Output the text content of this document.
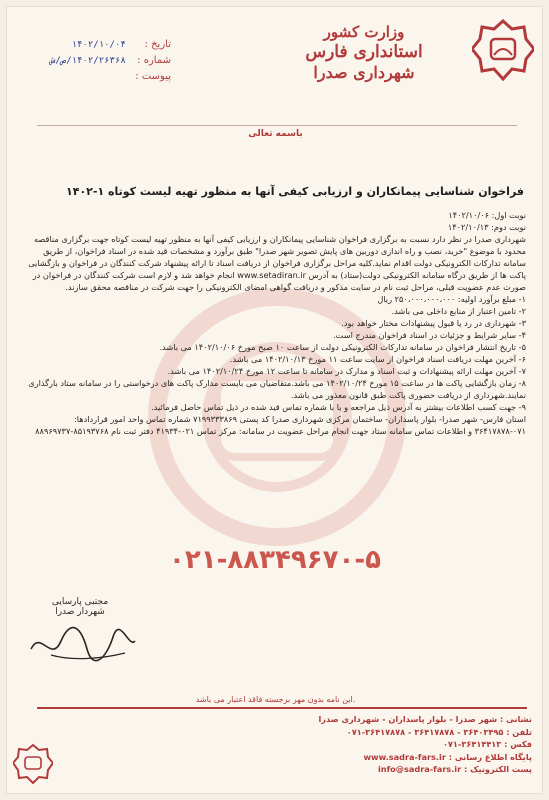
وزارت کشور
استانداری فارس
شهرداری صدرا
تاریخ : ۱۴۰۲/۱۰/۰۴
شماره : ۱۴۰۲/۲۶۳۶۸/ص/ش
پیوست :
باسمه تعالی
فراخوان شناسایی پیمانکاران و ارزیابی کیفی آنها به منظور تهیه لیست کوتاه ۱-۱۴۰۲

نوبت اول: ۱۴۰۲/۱۰/۰۶

نوبت دوم: ۱۴۰۲/۱۰/۱۳

شهرداری صدرا در نظر دارد نسبت به برگزاری فراخوان شناسایی پیمانکاران و ارزیابی کیفی آنها به منظور تهیه لیست کوتاه جهت برگزاری مناقصه محدود با موضوع "خرید، نصب و راه اندازی دوربین های پایش تصویر شهر صدرا" طبق برآورد و مشخصات قید شده در اسناد فراخوان، از طریق سامانه تدارکات الکترونیکی دولت اقدام نماید.کلیه مراحل برگزاری فراخوان از دریافت اسناد تا ارائه پیشنهاد شرکت کنندگان در فراخوان و بازگشایی پاکت ها از طریق درگاه سامانه الکترونیکی دولت(ستاد) به آدرس www.setadiran.ir انجام خواهد شد و لازم است شرکت کنندگان در فراخوان در صورت عدم عضویت قبلی، مراحل ثبت نام در سایت مذکور و دریافت گواهی امضای الکترونیکی را جهت شرکت در مناقصه محقق سازند.

۱- مبلغ برآورد اولیه: ۲۵۰،۰۰۰،۰۰۰،۰۰۰ ریال

۲- تامین اعتبار از منابع داخلی می باشد.

۳- شهرداری در رد یا قبول پیشنهادات مختار خواهد بود.

۴- سایر شرایط و جزئیات در اسناد فراخوان مندرج است.

۵- تاریخ انتشار فراخوان در سامانه تدارکات الکترونیکی دولت از ساعت ۱۰ صبح مورخ ۱۴۰۲/۱۰/۰۶ می باشد.

۶- آخرین مهلت دریافت اسناد فراخوان از سایت ساعت ۱۱ مورخ ۱۴۰۲/۱۰/۱۳ می باشد.

۷- آخرین مهلت ارائه پیشنهادات و ثبت اسناد و مدارک در سامانه تا ساعت ۱۲ مورخ ۱۴۰۲/۱۰/۲۴ می باشد.

۸- زمان بازگشایی پاکت ها در ساعت ۱۵ مورخ ۱۴۰۲/۱۰/۲۴ می باشد.متقاضیان می بایست مدارک پاکت های درخواستی را در سامانه ستاد بارگذاری نمایند.شهرداری از دریافت حضوری پاکت طبق قانون معذور می باشد.

۹- جهت کسب اطلاعات بیشتر به آدرس ذیل مراجعه و یا با شماره تماس قید شده در ذیل تماس حاصل فرمائید.

استان فارس- شهر صدرا- بلوار پاسداران- ساختمان مرکزی شهرداری صدرا کد پستی ۷۱۹۹۳۳۳۸۶۹ شماره تماس واحد امور قراردادها: ۰۷۱-۳۶۴۱۷۸۷۸ و اطلاعات تماس سامانه ستاد جهت انجام مراحل عضویت در سامانه: مرکز تماس ۰۲۱-۴۱۹۳۴ دفتر ثبت نام ۸۵۱۹۳۷۶۸-۸۸۹۶۹۷۳۷

۰۲۱-۸۸۳۴۹۶۷۰-۵
مجتبی پارسایی
شهردار صدرا
این نامه بدون مهر برجسته فاقد اعتبار می باشد.
نشانی : شهر صدرا - بلوار پاسداران - شهرداری صدرا
تلفن : ۰۷۱-۳۶۴۱۷۸۷۸ - ۳۶۴۱۷۸۷۸ - ۳۶۴۰۳۴۹۵
فکس : ۰۷۱-۳۶۴۱۴۴۱۳
پایگاه اطلاع رسانی : www.sadra-fars.ir
پست الکترونیک : info@sadra-fars.ir
